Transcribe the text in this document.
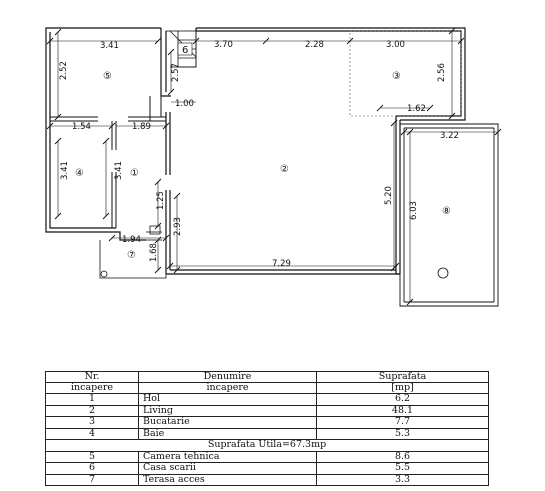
3.41	3.70	2.28	3.00
2.52	2.57
1.00
2.56
1.62
3.22
1.54	1.89
3.41	3.41
5.20
6.03
1.25
2.93
1.94
1.68
7.29
①	②
③
④
⑤
6
⑦
⑧
Nr.	Denumire	Suprafata
incapere	incapere	[mp]
1	Hol	6.2
2	Living	48.1
3	Bucatarie	7.7
4	Baie	5.3
Suprafata Utila=67.3mp		
5	Camera tehnica	8.6
6	Casa scarii	5.5
7	Terasa acces	3.3
